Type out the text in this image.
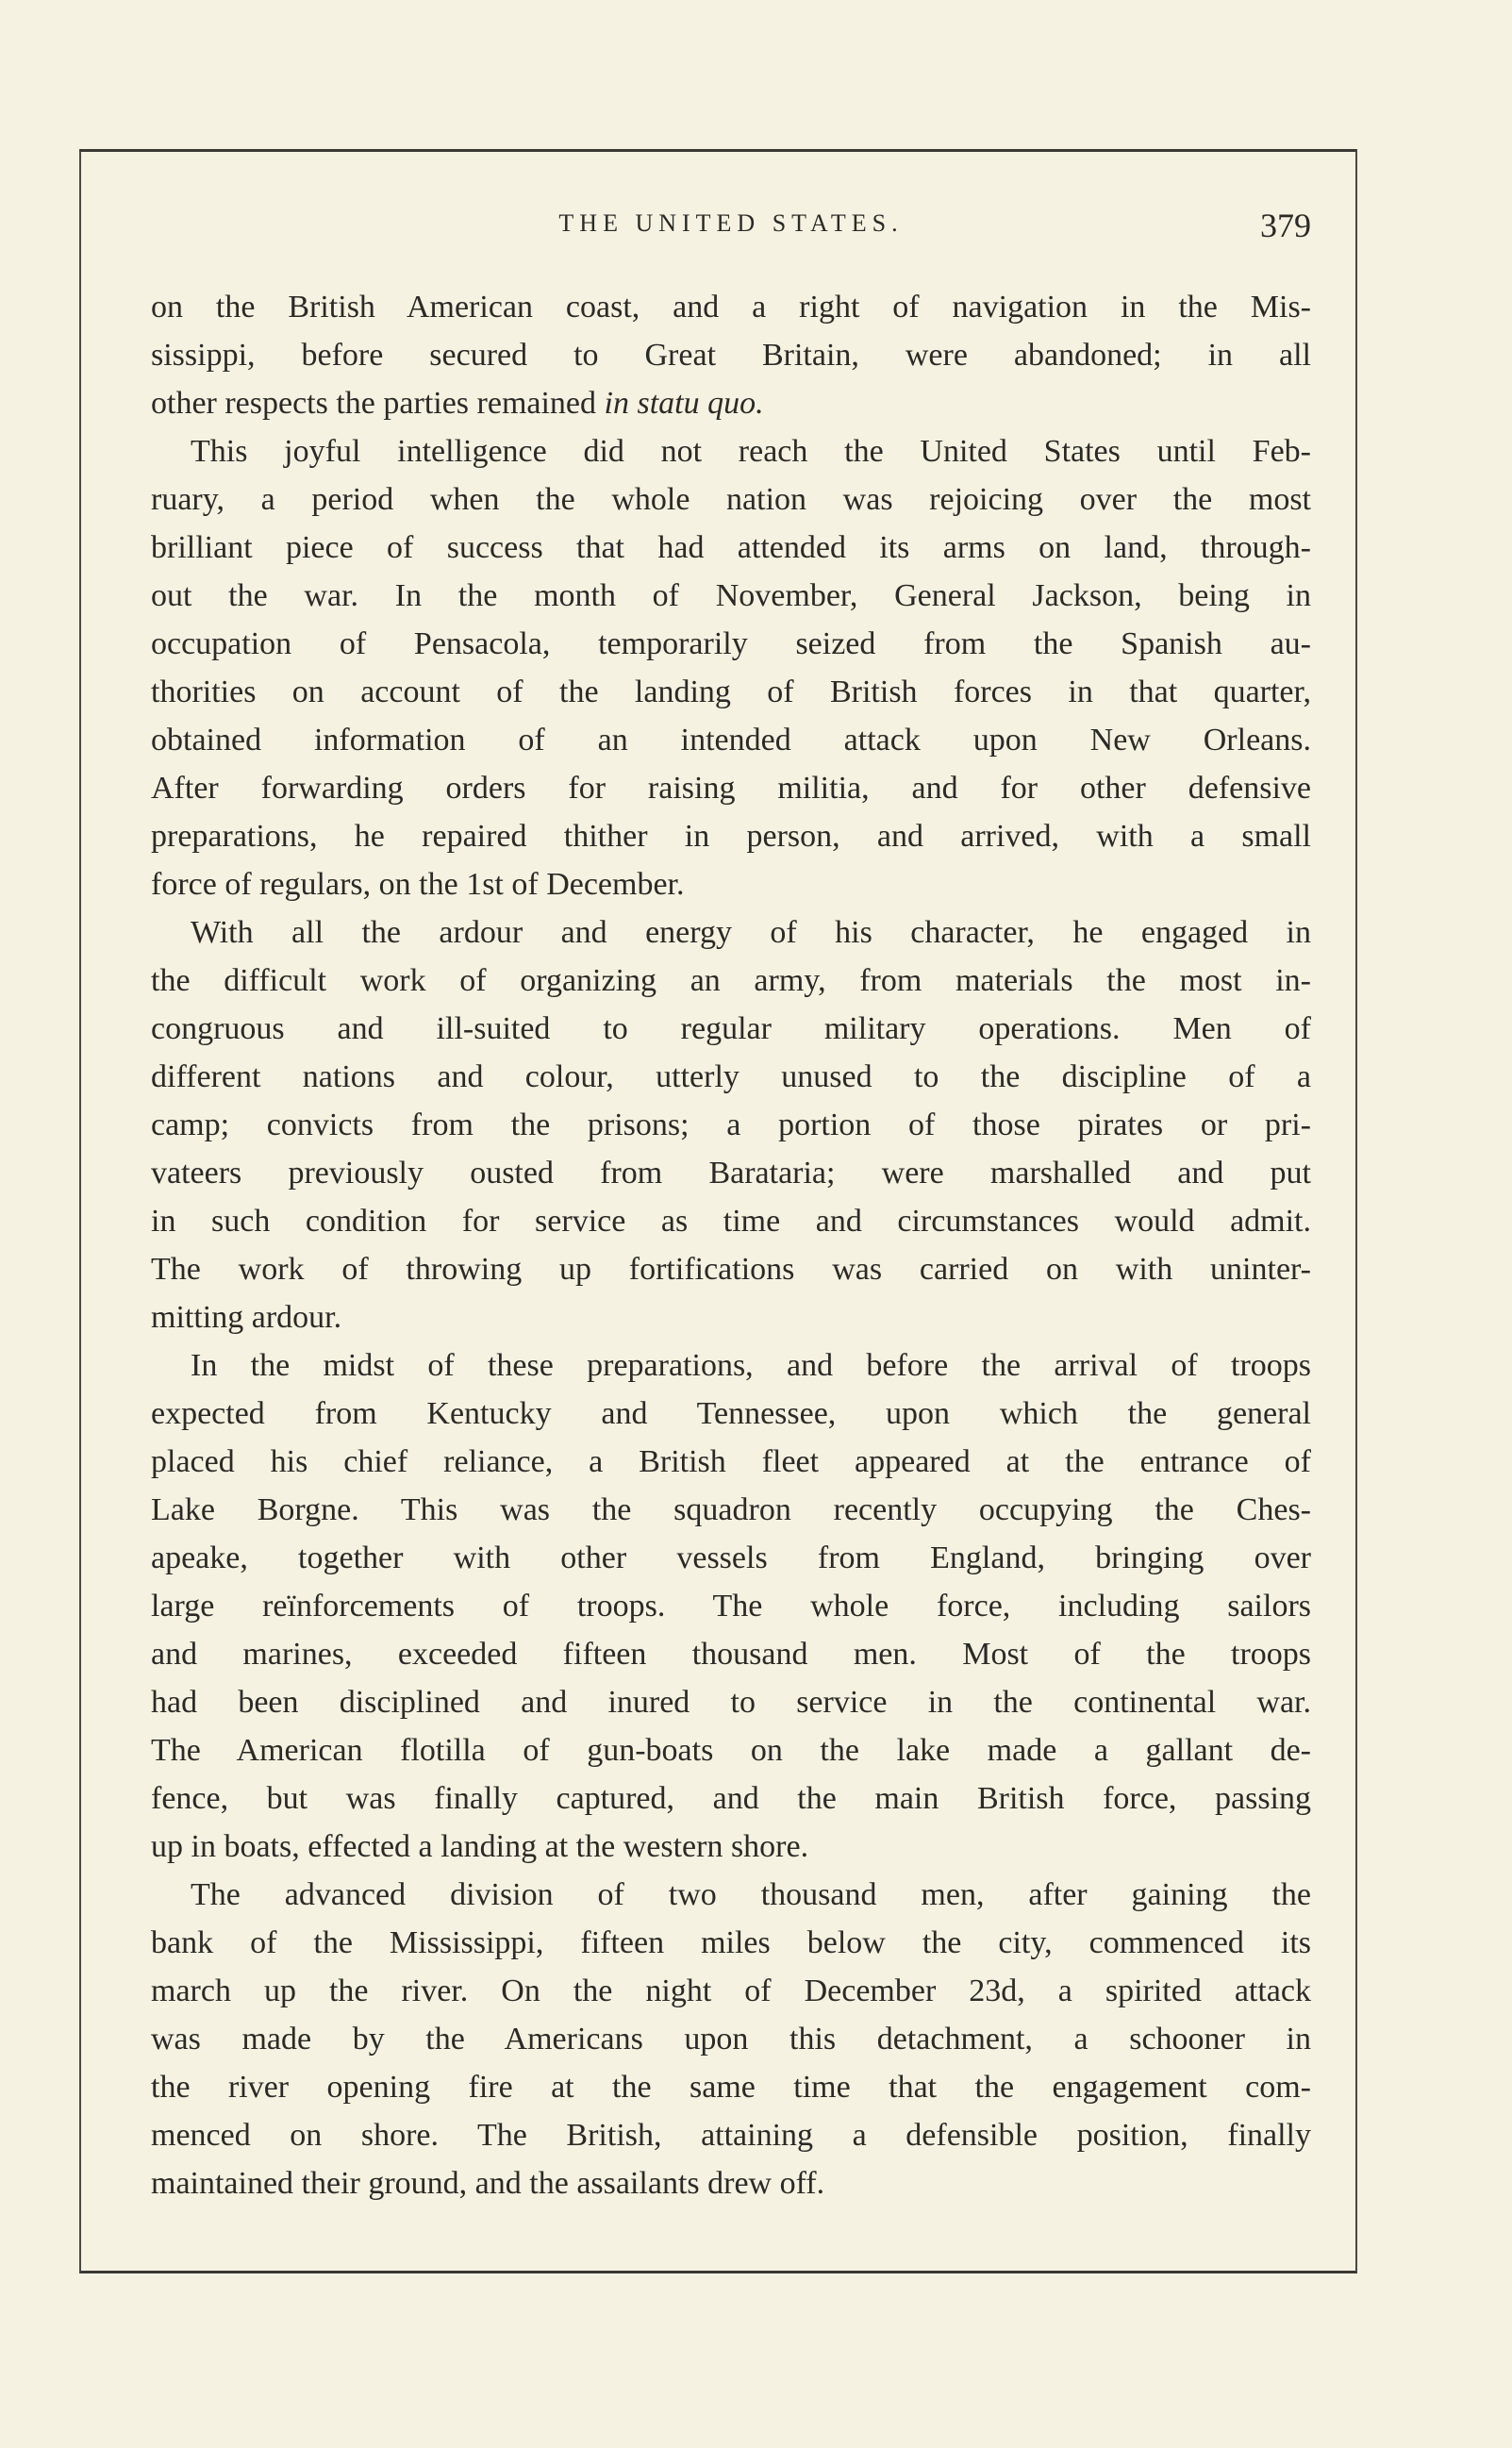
THE UNITED STATES.	379
on the British American coast, and a right of navigation in the Mis-
sissippi, before secured to Great Britain, were abandoned; in all
other respects the parties remained in statu quo.
This joyful intelligence did not reach the United States until Feb-
ruary, a period when the whole nation was rejoicing over the most
brilliant piece of success that had attended its arms on land, through-
out the war. In the month of November, General Jackson, being in
occupation of Pensacola, temporarily seized from the Spanish au-
thorities on account of the landing of British forces in that quarter,
obtained information of an intended attack upon New Orleans.
After forwarding orders for raising militia, and for other defensive
preparations, he repaired thither in person, and arrived, with a small
force of regulars, on the 1st of December.
With all the ardour and energy of his character, he engaged in
the difficult work of organizing an army, from materials the most in-
congruous and ill-suited to regular military operations. Men of
different nations and colour, utterly unused to the discipline of a
camp; convicts from the prisons; a portion of those pirates or pri-
vateers previously ousted from Barataria; were marshalled and put
in such condition for service as time and circumstances would admit.
The work of throwing up fortifications was carried on with uninter-
mitting ardour.
In the midst of these preparations, and before the arrival of troops
expected from Kentucky and Tennessee, upon which the general
placed his chief reliance, a British fleet appeared at the entrance of
Lake Borgne. This was the squadron recently occupying the Ches-
apeake, together with other vessels from England, bringing over
large reïnforcements of troops. The whole force, including sailors
and marines, exceeded fifteen thousand men. Most of the troops
had been disciplined and inured to service in the continental war.
The American flotilla of gun-boats on the lake made a gallant de-
fence, but was finally captured, and the main British force, passing
up in boats, effected a landing at the western shore.
The advanced division of two thousand men, after gaining the
bank of the Mississippi, fifteen miles below the city, commenced its
march up the river. On the night of December 23d, a spirited attack
was made by the Americans upon this detachment, a schooner in
the river opening fire at the same time that the engagement com-
menced on shore. The British, attaining a defensible position, finally
maintained their ground, and the assailants drew off.
